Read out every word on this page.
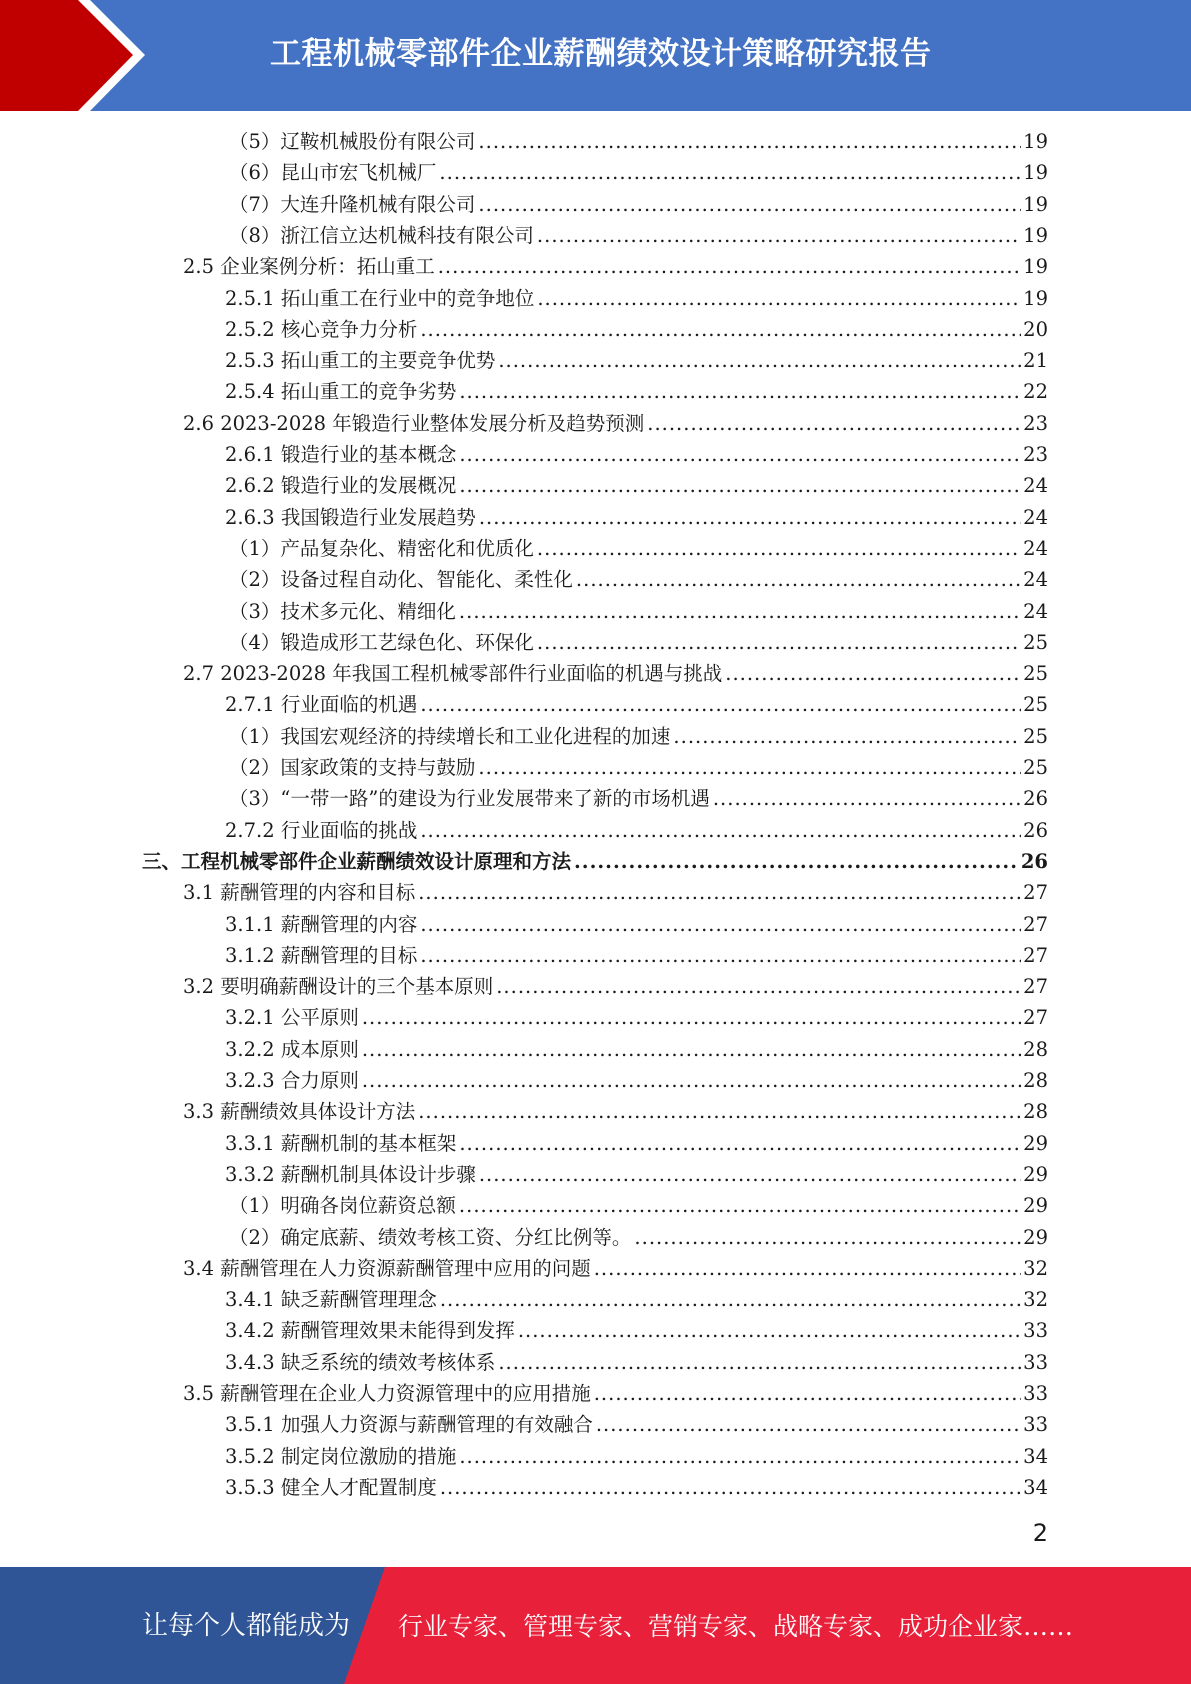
工程机械零部件企业薪酬绩效设计策略研究报告
（5）辽鞍机械股份有限公司 .....	19
（6）昆山市宏飞机械厂 .....	19
（7）大连升隆机械有限公司 .....	19
（8）浙江信立达机械科技有限公司 .....	19
2.5 企业案例分析：拓山重工 .....	19
2.5.1 拓山重工在行业中的竞争地位 .....	19
2.5.2 核心竞争力分析 .....	20
2.5.3 拓山重工的主要竞争优势 .....	21
2.5.4 拓山重工的竞争劣势 .....	22
2.6 2023-2028 年锻造行业整体发展分析及趋势预测 .....	23
2.6.1 锻造行业的基本概念 .....	23
2.6.2 锻造行业的发展概况 .....	24
2.6.3 我国锻造行业发展趋势 .....	24
（1）产品复杂化、精密化和优质化 .....	24
（2）设备过程自动化、智能化、柔性化 .....	24
（3）技术多元化、精细化 .....	24
（4）锻造成形工艺绿色化、环保化 .....	25
2.7 2023-2028 年我国工程机械零部件行业面临的机遇与挑战 .....	25
2.7.1 行业面临的机遇 .....	25
（1）我国宏观经济的持续增长和工业化进程的加速 .....	25
（2）国家政策的支持与鼓励 .....	25
（3）“一带一路”的建设为行业发展带来了新的市场机遇 .....	26
2.7.2 行业面临的挑战 .....	26
三、工程机械零部件企业薪酬绩效设计原理和方法 .....	26
3.1 薪酬管理的内容和目标 .....	27
3.1.1 薪酬管理的内容 .....	27
3.1.2 薪酬管理的目标 .....	27
3.2 要明确薪酬设计的三个基本原则 .....	27
3.2.1 公平原则 .....	27
3.2.2 成本原则 .....	28
3.2.3 合力原则 .....	28
3.3 薪酬绩效具体设计方法 .....	28
3.3.1 薪酬机制的基本框架 .....	29
3.3.2 薪酬机制具体设计步骤 .....	29
（1）明确各岗位薪资总额 .....	29
（2）确定底薪、绩效考核工资、分红比例等。 .....	29
3.4 薪酬管理在人力资源薪酬管理中应用的问题 .....	32
3.4.1 缺乏薪酬管理理念 .....	32
3.4.2 薪酬管理效果未能得到发挥 .....	33
3.4.3 缺乏系统的绩效考核体系 .....	33
3.5 薪酬管理在企业人力资源管理中的应用措施 .....	33
3.5.1 加强人力资源与薪酬管理的有效融合 .....	33
3.5.2 制定岗位激励的措施 .....	34
3.5.3 健全人才配置制度 .....	34
2
让每个人都能成为 行业专家、管理专家、营销专家、战略专家、成功企业家……
